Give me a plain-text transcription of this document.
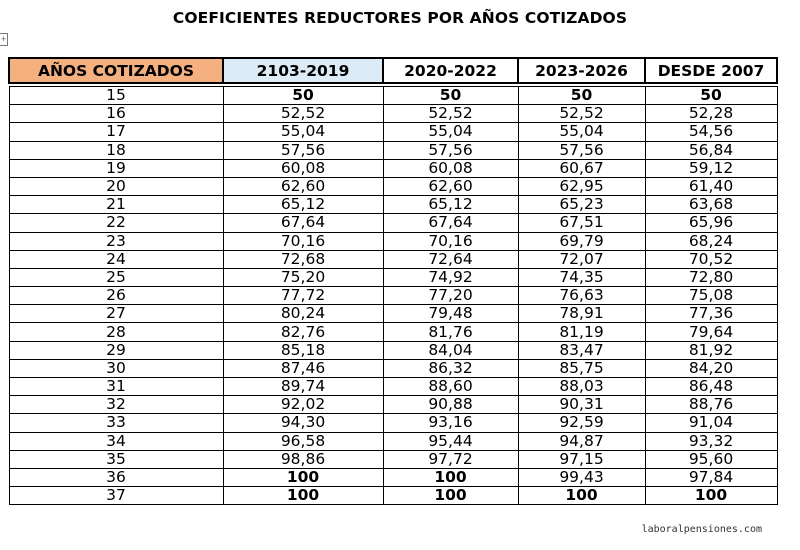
COEFICIENTES REDUCTORES POR AÑOS COTIZADOS
+
AÑOS COTIZADOS	2103-2019	2020-2022	2023-2026	DESDE 2007

15	50	50	50	50
16	52,52	52,52	52,52	52,28
17	55,04	55,04	55,04	54,56
18	57,56	57,56	57,56	56,84
19	60,08	60,08	60,67	59,12
20	62,60	62,60	62,95	61,40
21	65,12	65,12	65,23	63,68
22	67,64	67,64	67,51	65,96
23	70,16	70,16	69,79	68,24
24	72,68	72,64	72,07	70,52
25	75,20	74,92	74,35	72,80
26	77,72	77,20	76,63	75,08
27	80,24	79,48	78,91	77,36
28	82,76	81,76	81,19	79,64
29	85,18	84,04	83,47	81,92
30	87,46	86,32	85,75	84,20
31	89,74	88,60	88,03	86,48
32	92,02	90,88	90,31	88,76
33	94,30	93,16	92,59	91,04
34	96,58	95,44	94,87	93,32
35	98,86	97,72	97,15	95,60
36	100	100	99,43	97,84
37	100	100	100	100
laboralpensiones.com
